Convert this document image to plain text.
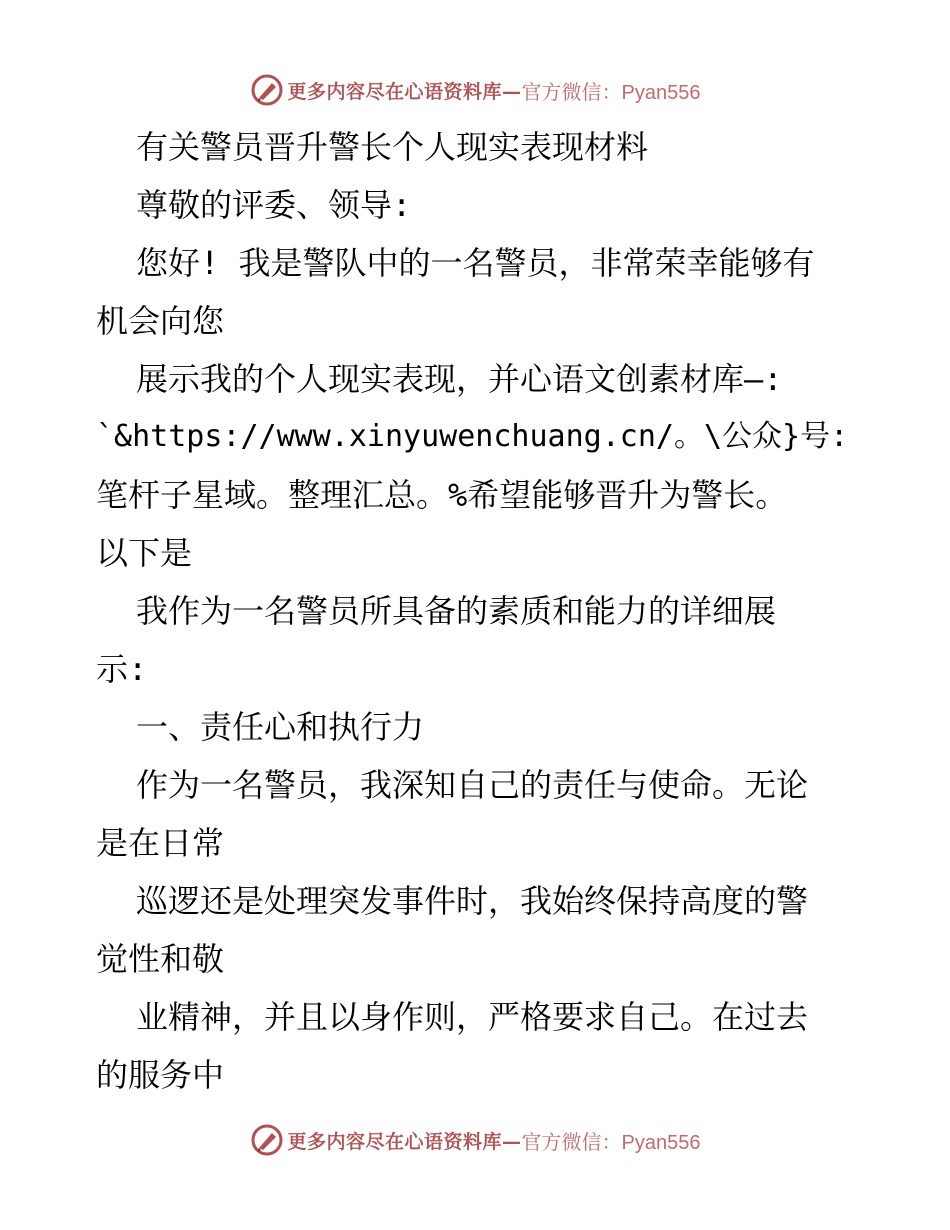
更多内容尽在心语资料库— 官方微信：Pyan556
有关警员晋升警长个人现实表现材料
尊敬的评委、领导:
您好! 我是警队中的一名警员，非常荣幸能够有
机会向您
展示我的个人现实表现，并心语文创素材库—:
`&https://www.xinyuwenchuang.cn/。\公众}号:
笔杆子星域。整理汇总。%希望能够晋升为警长。
以下是
我作为一名警员所具备的素质和能力的详细展
示:
一、责任心和执行力
作为一名警员，我深知自己的责任与使命。无论
是在日常
巡逻还是处理突发事件时，我始终保持高度的警
觉性和敬
业精神，并且以身作则，严格要求自己。在过去
的服务中
更多内容尽在心语资料库— 官方微信：Pyan556
